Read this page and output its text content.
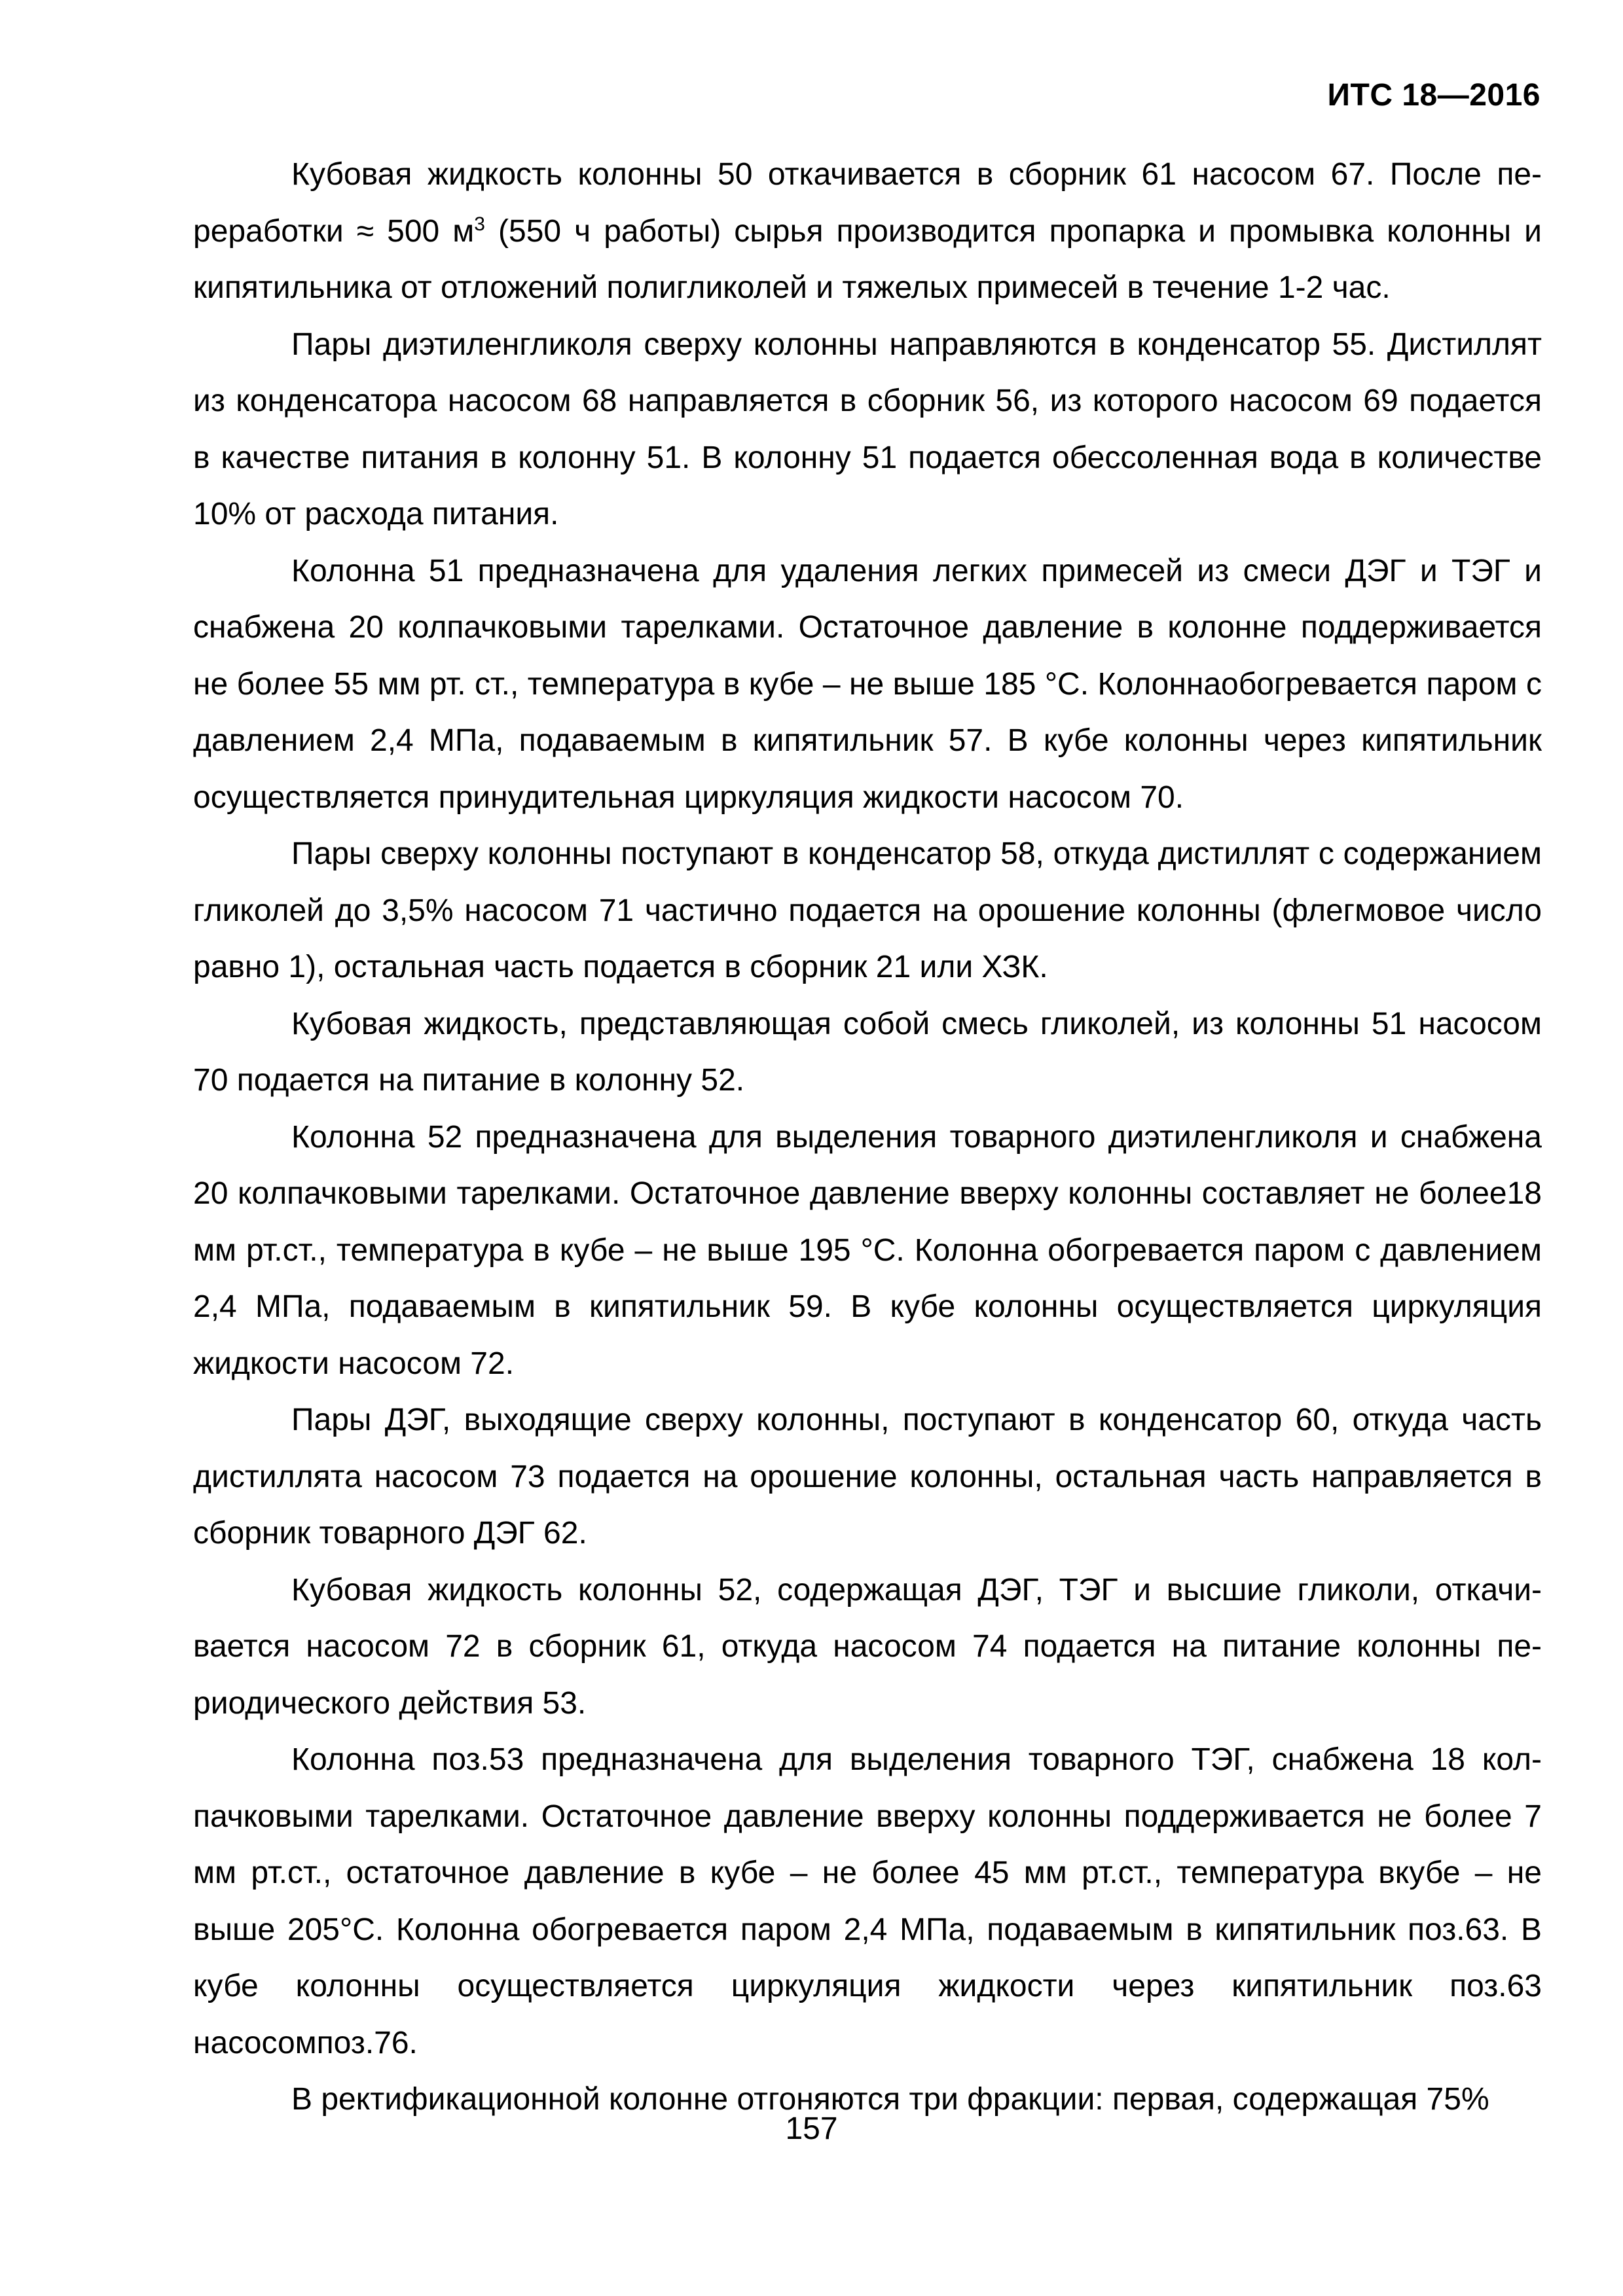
ИТС 18—2016

Кубовая жидкость колонны 50 откачивается в сборник 61 насосом 67. После переработки ≈ 500 $м^3$ (550 ч работы) сырья производится пропарка и промывка колонны и кипятильника от отложений полигликолей и тяжелых примесей в течение 1-2 час.

Пары диэтиленгликоля сверху колонны направляются в конденсатор 55. Дистиллят из конденсатора насосом 68 направляется в сборник 56, из которого насосом 69 подается в качестве питания в колонну 51. В колонну 51 подается обессоленная вода в количестве 10% от расхода питания.

Колонна 51 предназначена для удаления легких примесей из смеси ДЭГ и ТЭГ и снабжена 20 колпачковыми тарелками. Остаточное давление в колонне поддерживается не более 55 мм рт. ст., температура в кубе – не выше 185 °С. Колоннаобогревается паром с давлением 2,4 МПа, подаваемым в кипятильник 57. В кубе колонны через кипятильник осуществляется принудительная циркуляция жидкости насосом 70.

Пары сверху колонны поступают в конденсатор 58, откуда дистиллят с содержанием гликолей до 3,5% насосом 71 частично подается на орошение колонны (флегмовое число равно 1), остальная часть подается в сборник 21 или ХЗК.

Кубовая жидкость, представляющая собой смесь гликолей, из колонны 51 насосом 70 подается на питание в колонну 52.

Колонна 52 предназначена для выделения товарного диэтиленгликоля и снабжена 20 колпачковыми тарелками. Остаточное давление вверху колонны составляет не более18 мм рт.ст., температура в кубе – не выше 195 °С. Колонна обогревается паром с давлением 2,4 МПа, подаваемым в кипятильник 59. В кубе колонны осуществляется циркуляция жидкости насосом 72.

Пары ДЭГ, выходящие сверху колонны, поступают в конденсатор 60, откуда часть дистиллята насосом 73 подается на орошение колонны, остальная часть направляется в сборник товарного ДЭГ 62.

Кубовая жидкость колонны 52, содержащая ДЭГ, ТЭГ и высшие гликоли, откачивается насосом 72 в сборник 61, откуда насосом 74 подается на питание колонны периодического действия 53.

Колонна поз.53 предназначена для выделения товарного ТЭГ, снабжена 18 колпачковыми тарелками. Остаточное давление вверху колонны поддерживается не более 7 мм рт.ст., остаточное давление в кубе – не более 45 мм рт.ст., температура вкубе – не выше 205°С. Колонна обогревается паром 2,4 МПа, подаваемым в кипятильник поз.63. В кубе колонны осуществляется циркуляция жидкости через кипятильник поз.63 насосомпоз.76.

В ректификационной колонне отгоняются три фракции: первая, содержащая 75%

157
